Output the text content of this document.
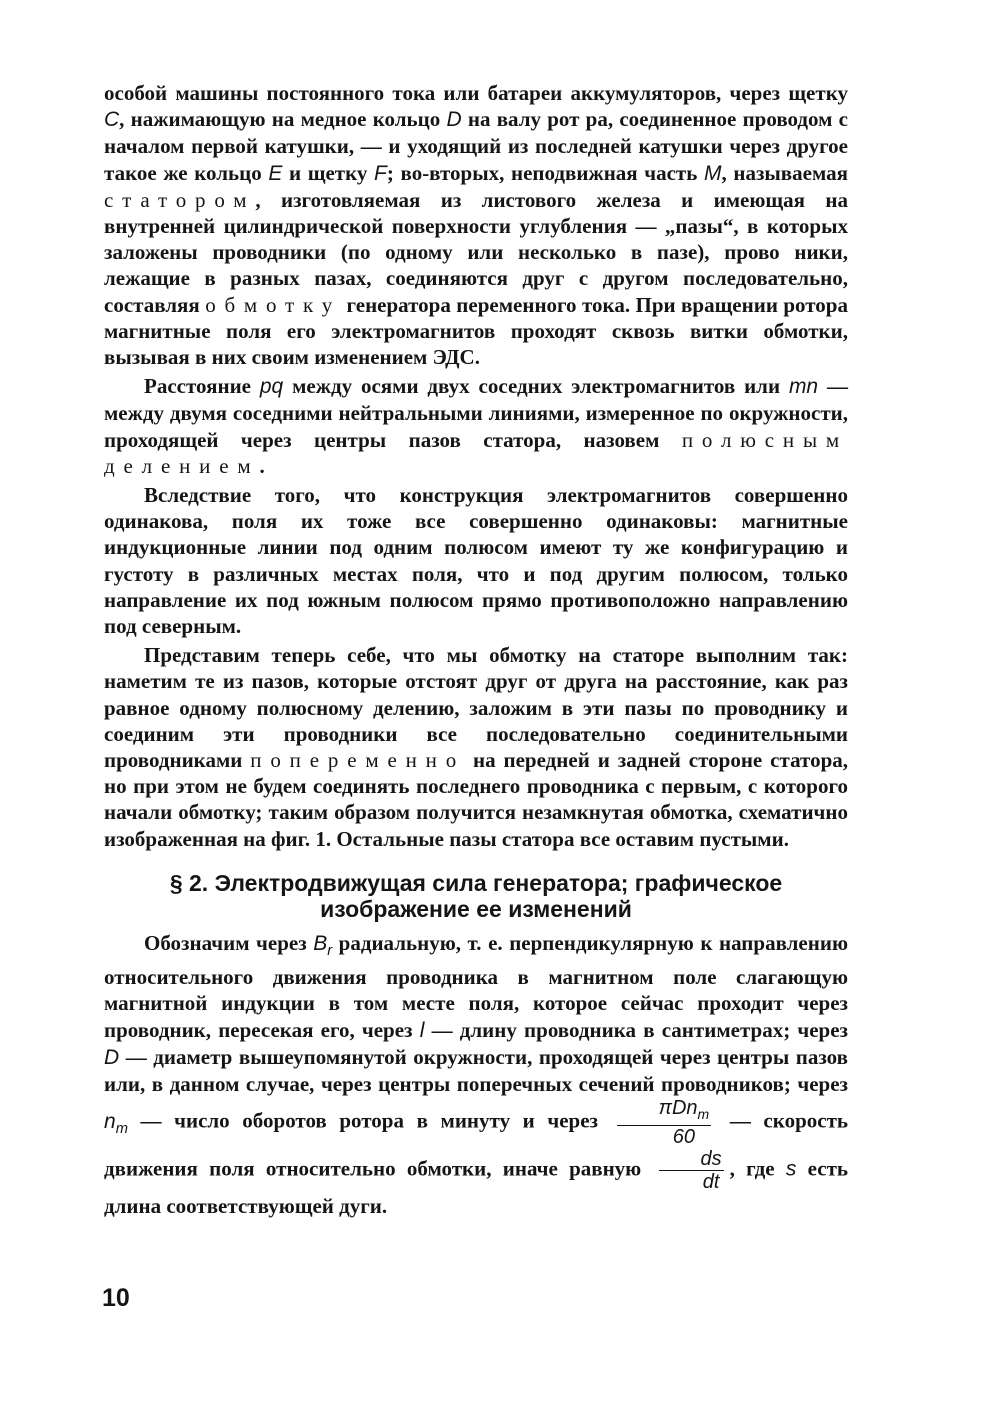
особой машины постоянного тока или батареи аккумуляторов, через щетку C, нажимающую на медное кольцо D на валу рот ра, соединенное проводом с началом первой катушки, — и уходящий из последней катушки через другое такое же кольцо E и щетку F; во-вторых, неподвижная часть M, называемая статором, изготовляемая из листового железа и имеющая на внутренней цилиндрической поверхности углубления — „пазы“, в которых заложены проводники (по одному или несколько в пазе), прово ники, лежащие в разных пазах, соединяются друг с другом последовательно, составляя обмотку генератора переменного тока. При вращении ротора магнитные поля его электромагнитов проходят сквозь витки обмотки, вызывая в них своим изменением ЭДС.

Расстояние pq между осями двух соседних электромагнитов или mn — между двумя соседними нейтральными линиями, измеренное по окружности, проходящей через центры пазов статора, назовем полюсным делением.

Вследствие того, что конструкция электромагнитов совершенно одинакова, поля их тоже все совершенно одинаковы: магнитные индукционные линии под одним полюсом имеют ту же конфигурацию и густоту в различных местах поля, что и под другим полюсом, только направление их под южным полюсом прямо противоположно направлению под северным.

Представим теперь себе, что мы обмотку на статоре выполним так: наметим те из пазов, которые отстоят друг от друга на расстояние, как раз равное одному полюсному делению, заложим в эти пазы по проводнику и соединим эти проводники все последовательно соединительными проводниками попеременно на передней и задней стороне статора, но при этом не будем соединять последнего проводника с первым, с которого начали обмотку; таким образом получится незамкнутая обмотка, схематично изображенная на фиг. 1. Остальные пазы статора все оставим пустыми.

§ 2. Электродвижущая сила генератора; графическое
изображение ее изменений

Обозначим через $B_r$ радиальную, т. е. перпендикулярную к направлению относительного движения проводника в магнитном поле слагающую магнитной индукции в том месте поля, которое сейчас проходит через проводник, пересекая его, через l — длину проводника в сантиметрах; через D — диаметр вышеупомянутой окружности, проходящей через центры пазов или, в данном случае, через центры поперечных сечений проводников; через $n_m$ — число оборотов ротора в минуту и через $\frac{\pi Dn_m}{60}$ — скорость движения поля относительно обмотки, иначе равную $\frac{ds}{dt}$ , где s есть длина соответствующей дуги.

10
